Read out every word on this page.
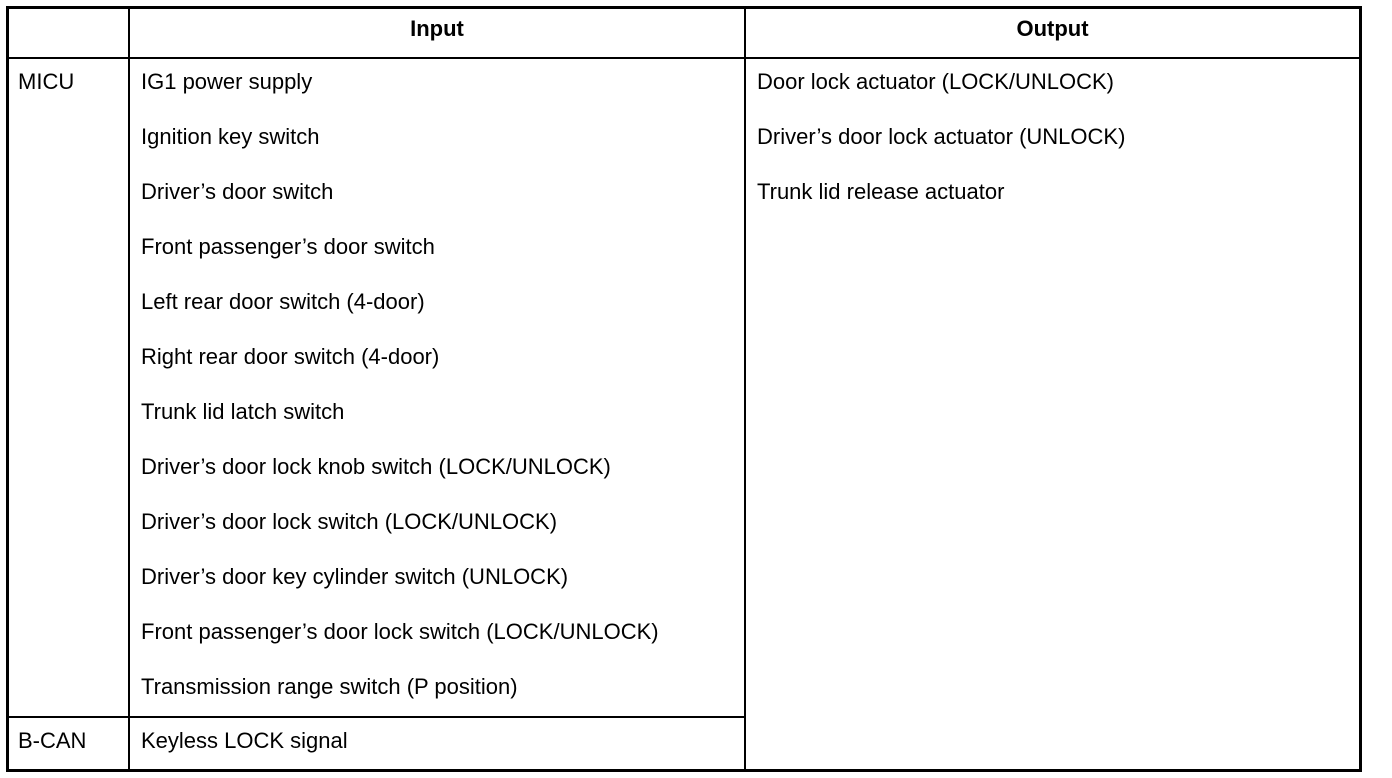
Input	Output
MICU
B-CAN
IG1 power supply
Ignition key switch
Driver’s door switch
Front passenger’s door switch
Left rear door switch (4-door)
Right rear door switch (4-door)
Trunk lid latch switch
Driver’s door lock knob switch (LOCK/UNLOCK)
Driver’s door lock switch (LOCK/UNLOCK)
Driver’s door key cylinder switch (UNLOCK)
Front passenger’s door lock switch (LOCK/UNLOCK)
Transmission range switch (P position)
Keyless LOCK signal
Door lock actuator (LOCK/UNLOCK)
Driver’s door lock actuator (UNLOCK)
Trunk lid release actuator
